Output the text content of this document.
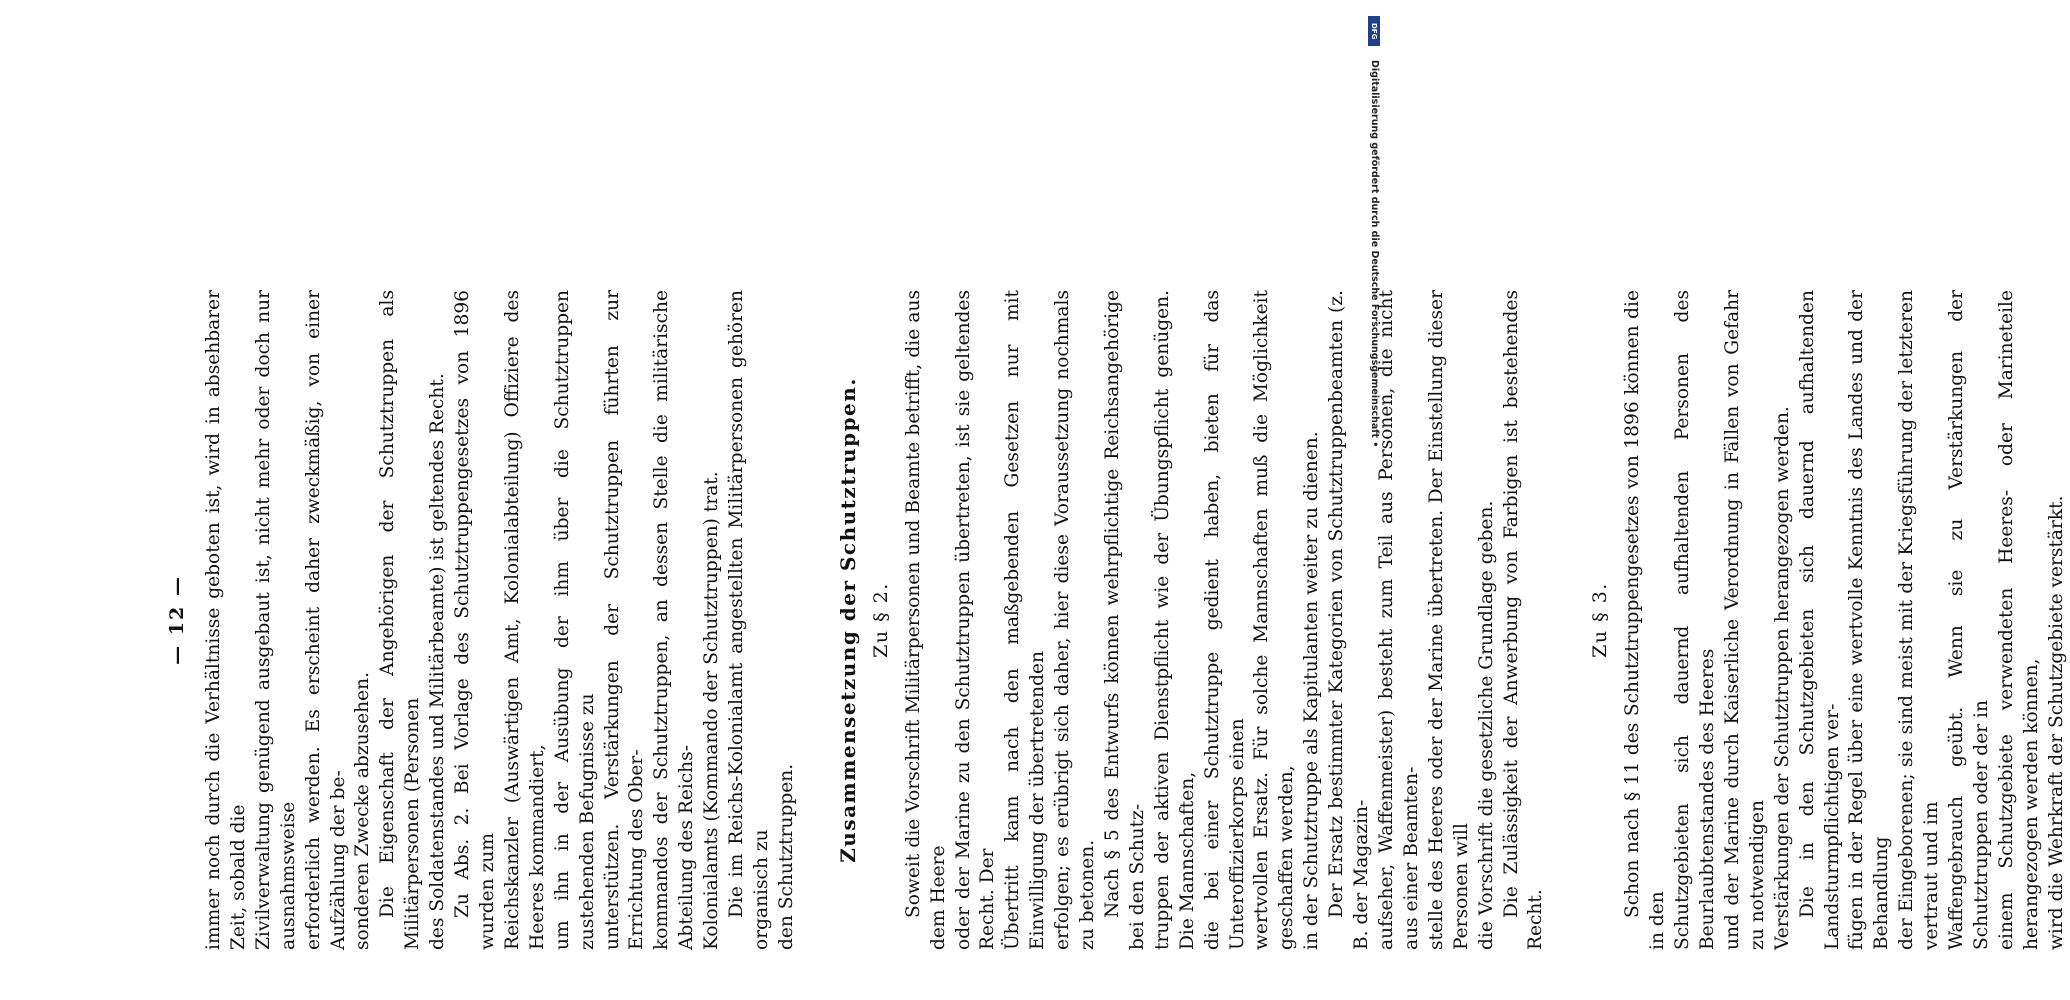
— 12 — immer noch durch die Verhältnisse geboten ist, wird in absehbarer Zeit, sobald die Zivilverwaltung genügend ausgebaut ist, nicht mehr oder doch nur ausnahmsweise erforderlich werden. Es erscheint daher zweckmäßig, von einer Aufzählung der be- sonderen Zwecke abzusehen. Die Eigenschaft der Angehörigen der Schutztruppen als Militärpersonen (Personen des Soldatenstandes und Militärbeamte) ist geltendes Recht. Zu Abs. 2. Bei Vorlage des Schutztruppengesetzes von 1896 wurden zum Reichskanzler (Auswärtigen Amt, Kolonialabteilung) Offiziere des Heeres kommandiert, um ihn in der Ausübung der ihm über die Schutztruppen zustehenden Befugnisse zu unterstützen. Verstärkungen der Schutztruppen führten zur Errichtung des Ober- kommandos der Schutztruppen, an dessen Stelle die militärische Abteilung des Reichs- Kolonialamts (Kommando der Schutztruppen) trat. Die im Reichs-Kolonialamt angestellten Militärpersonen gehören organisch zu den Schutztruppen. Zusammensetzung der Schutztruppen. Zu § 2. Soweit die Vorschrift Militärpersonen und Beamte betrifft, die aus dem Heere oder der Marine zu den Schutztruppen übertreten, ist sie geltendes Recht. Der Übertritt kann nach den maßgebenden Gesetzen nur mit Einwilligung der übertretenden erfolgen; es erübrigt sich daher, hier diese Voraussetzung nochmals zu betonen. Nach § 5 des Entwurfs können wehrpflichtige Reichsangehörige bei den Schutz- truppen der aktiven Dienstpflicht wie der Übungspflicht genügen. Die Mannschaften, die bei einer Schutztruppe gedient haben, bieten für das Unteroffizierkorps einen wertvollen Ersatz. Für solche Mannschaften muß die Möglichkeit geschaffen werden, in der Schutztruppe als Kapitulanten weiter zu dienen. Der Ersatz bestimmter Kategorien von Schutztruppenbeamten (z. B. der Magazin- aufseher, Waffenmeister) besteht zum Teil aus Personen, die nicht aus einer Beamten- stelle des Heeres oder der Marine übertreten. Der Einstellung dieser Personen will die Vorschrift die gesetzliche Grundlage geben. Die Zulässigkeit der Anwerbung von Farbigen ist bestehendes Recht.

Zu § 3. Schon nach § 11 des Schutztruppengesetzes von 1896 können die in den Schutzgebieten sich dauernd aufhaltenden Personen des Beurlaubtenstandes des Heeres und der Marine durch Kaiserliche Verordnung in Fällen von Gefahr zu notwendigen Verstärkungen der Schutztruppen herangezogen werden. Die in den Schutzgebieten sich dauernd aufhaltenden Landsturmpflichtigen ver- fügen in der Regel über eine wertvolle Kenntnis des Landes und der Behandlung der Eingeborenen; sie sind meist mit der Kriegsführung der letzteren vertraut und im Waffengebrauch geübt. Wenn sie zu Verstärkungen der Schutztruppen oder der in einem Schutzgebiete verwendeten Heeres- oder Marineteile herangezogen werden können, wird die Wehrkraft der Schutzgebiete verstärkt.

DFG
Digitalisierung gefördert durch die Deutsche Forschungsgemeinschaft •
